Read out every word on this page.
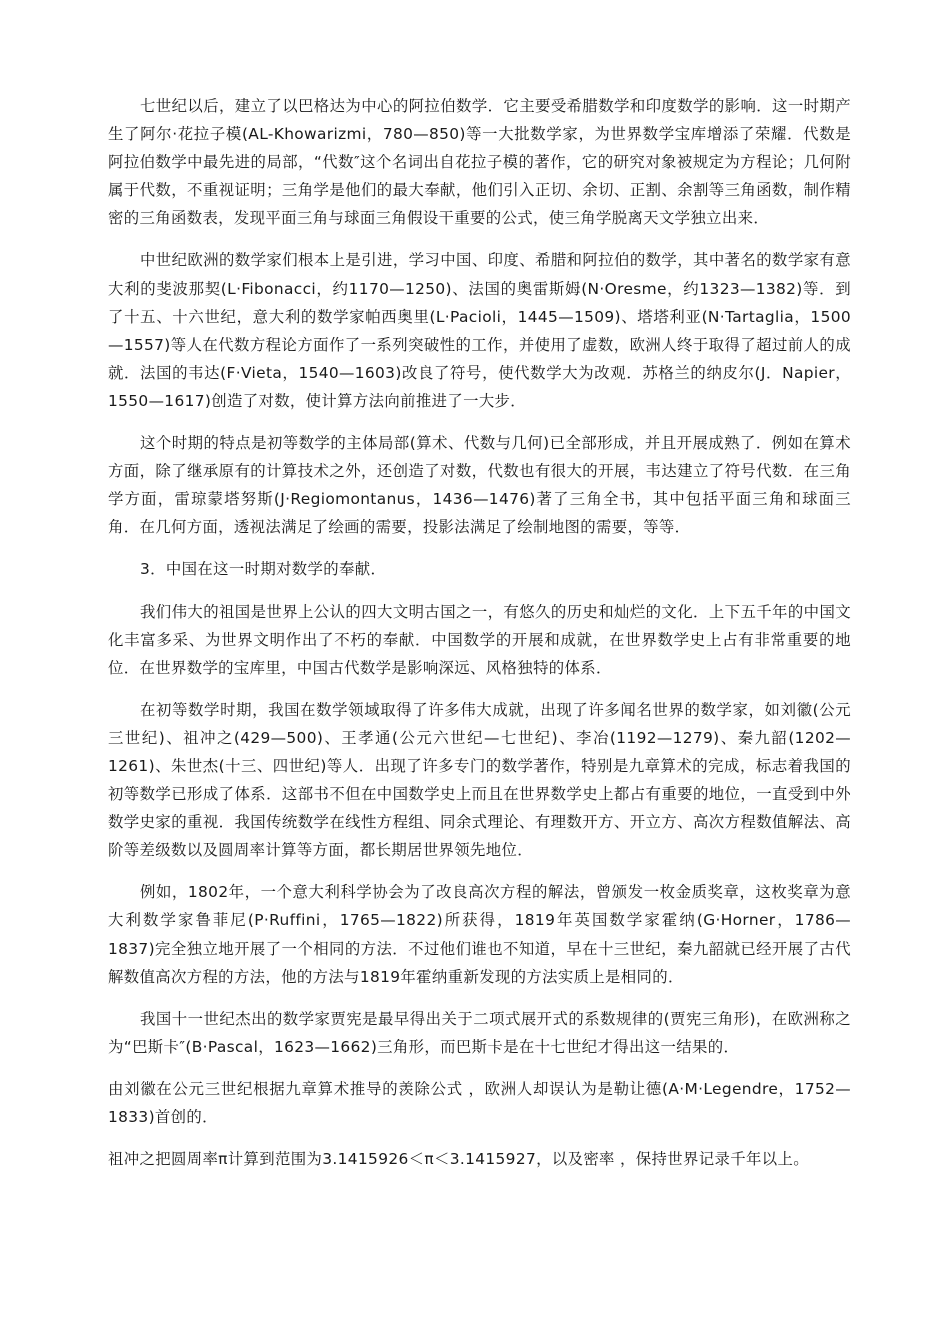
七世纪以后，建立了以巴格达为中心的阿拉伯数学．它主要受希腊数学和印度数学的影响．这一时期产生了阿尔·花拉子模(AL-Khowarizmi，780—850)等一大批数学家，为世界数学宝库增添了荣耀．代数是阿拉伯数学中最先进的局部，“代数″这个名词出自花拉子模的著作，它的研究对象被规定为方程论；几何附属于代数，不重视证明；三角学是他们的最大奉献，他们引入正切、余切、正割、余割等三角函数，制作精密的三角函数表，发现平面三角与球面三角假设干重要的公式，使三角学脱离天文学独立出来．

中世纪欧洲的数学家们根本上是引进，学习中国、印度、希腊和阿拉伯的数学，其中著名的数学家有意大利的斐波那契(L·Fibonacci，约1170—1250)、法国的奥雷斯姆(N·Oresme，约1323—1382)等．到了十五、十六世纪，意大利的数学家帕西奥里(L·Pacioli，1445—1509)、塔塔利亚(N·Tartaglia，1500—1557)等人在代数方程论方面作了一系列突破性的工作，并使用了虚数，欧洲人终于取得了超过前人的成就．法国的韦达(F·Vieta，1540—1603)改良了符号，使代数学大为改观．苏格兰的纳皮尔(J．Napier，1550—1617)创造了对数，使计算方法向前推进了一大步．

这个时期的特点是初等数学的主体局部(算术、代数与几何)已全部形成，并且开展成熟了．例如在算术方面，除了继承原有的计算技术之外，还创造了对数，代数也有很大的开展，韦达建立了符号代数．在三角学方面，雷琼蒙塔努斯(J·Regiomontanus，1436—1476)著了三角全书，其中包括平面三角和球面三角．在几何方面，透视法满足了绘画的需要，投影法满足了绘制地图的需要，等等．

3．中国在这一时期对数学的奉献．

我们伟大的祖国是世界上公认的四大文明古国之一，有悠久的历史和灿烂的文化．上下五千年的中国文化丰富多采、为世界文明作出了不朽的奉献．中国数学的开展和成就，在世界数学史上占有非常重要的地位．在世界数学的宝库里，中国古代数学是影响深远、风格独特的体系．

在初等数学时期，我国在数学领域取得了许多伟大成就，出现了许多闻名世界的数学家，如刘徽(公元三世纪)、祖冲之(429—500)、王孝通(公元六世纪—七世纪)、李冶(1192—1279)、秦九韶(1202—1261)、朱世杰(十三、四世纪)等人．出现了许多专门的数学著作，特别是九章算术的完成，标志着我国的初等数学已形成了体系．这部书不但在中国数学史上而且在世界数学史上都占有重要的地位，一直受到中外数学史家的重视．我国传统数学在线性方程组、同余式理论、有理数开方、开立方、高次方程数值解法、高阶等差级数以及圆周率计算等方面，都长期居世界领先地位．

例如，1802年，一个意大利科学协会为了改良高次方程的解法，曾颁发一枚金质奖章，这枚奖章为意大利数学家鲁菲尼(P·Ruffini，1765—1822)所获得，1819年英国数学家霍纳(G·Horner，1786—1837)完全独立地开展了一个相同的方法．不过他们谁也不知道，早在十三世纪，秦九韶就已经开展了古代解数值高次方程的方法，他的方法与1819年霍纳重新发现的方法实质上是相同的．

我国十一世纪杰出的数学家贾宪是最早得出关于二项式展开式的系数规律的(贾宪三角形)，在欧洲称之为“巴斯卡″(B·Pascal，1623—1662)三角形，而巴斯卡是在十七世纪才得出这一结果的．

由刘徽在公元三世纪根据九章算术推导的羡除公式 ，欧洲人却误认为是勒让德(A·M·Legendre，1752—1833)首创的．

祖冲之把圆周率π计算到范围为3.1415926＜π＜3.1415927，以及密率 ，保持世界记录千年以上。
